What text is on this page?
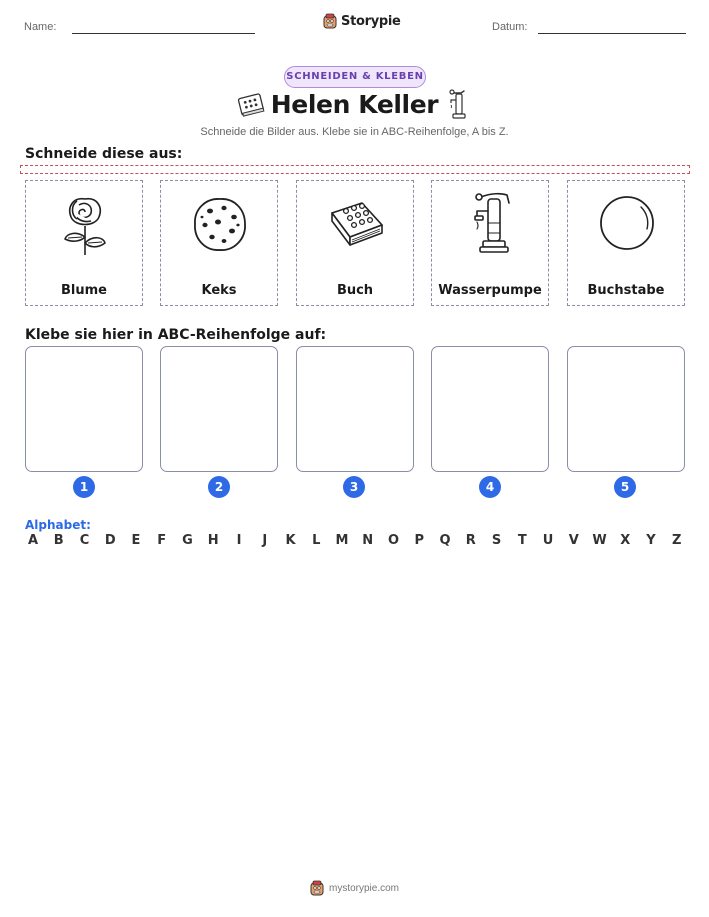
Name:	Storypie	Datum:
SCHNEIDEN & KLEBEN
Helen Keller
Schneide die Bilder aus. Klebe sie in ABC-Reihenfolge, A bis Z.
Schneide diese aus:
Blume	Keks	Buch	Wasserpumpe	Buchstabe
Klebe sie hier in ABC-Reihenfolge auf:
1	2	3	4	5
Alphabet:
A B C D E F G H	I	J	K L M N O P Q R S T U V W X Y Z
mystorypie.com
